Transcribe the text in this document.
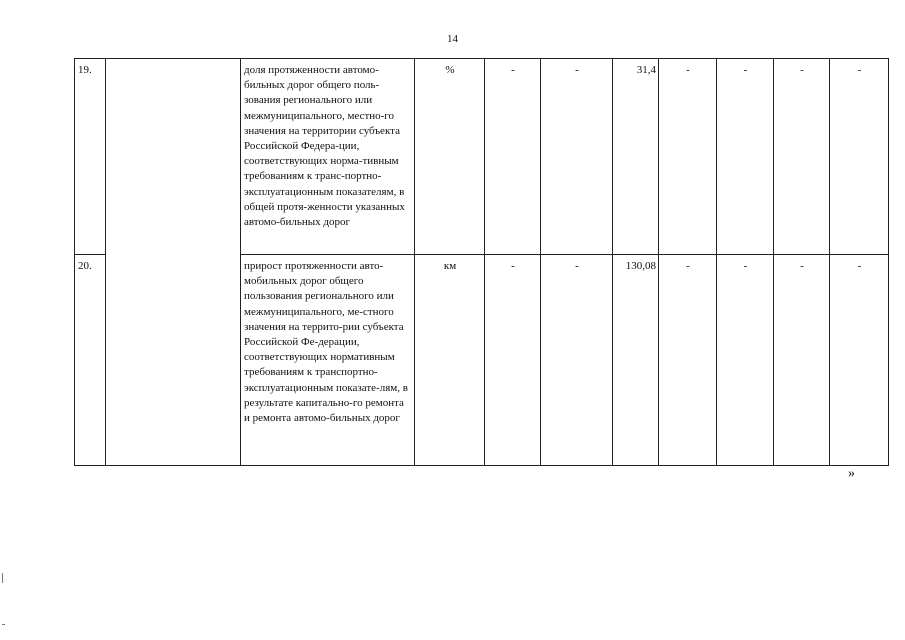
14
19.		доля протяженности автомо-бильных дорог общего поль-зования регионального или межмуниципального, местно-го значения на территории субъекта Российской Федера-ции, соответствующих норма-тивным требованиям к транс-портно-эксплуатационным показателям, в общей протя-женности указанных автомо-бильных дорог	%	-	-	31,4	-	-	-	-
20.		прирост протяженности авто-мобильных дорог общего пользования регионального или межмуниципального, ме-стного значения на террито-рии субъекта Российской Фе-дерации, соответствующих нормативным требованиям к транспортно-эксплуатационным показате-лям, в результате капитально-го ремонта и ремонта автомо-бильных дорог	км	-	-	130,08	-	-	-	-
»
